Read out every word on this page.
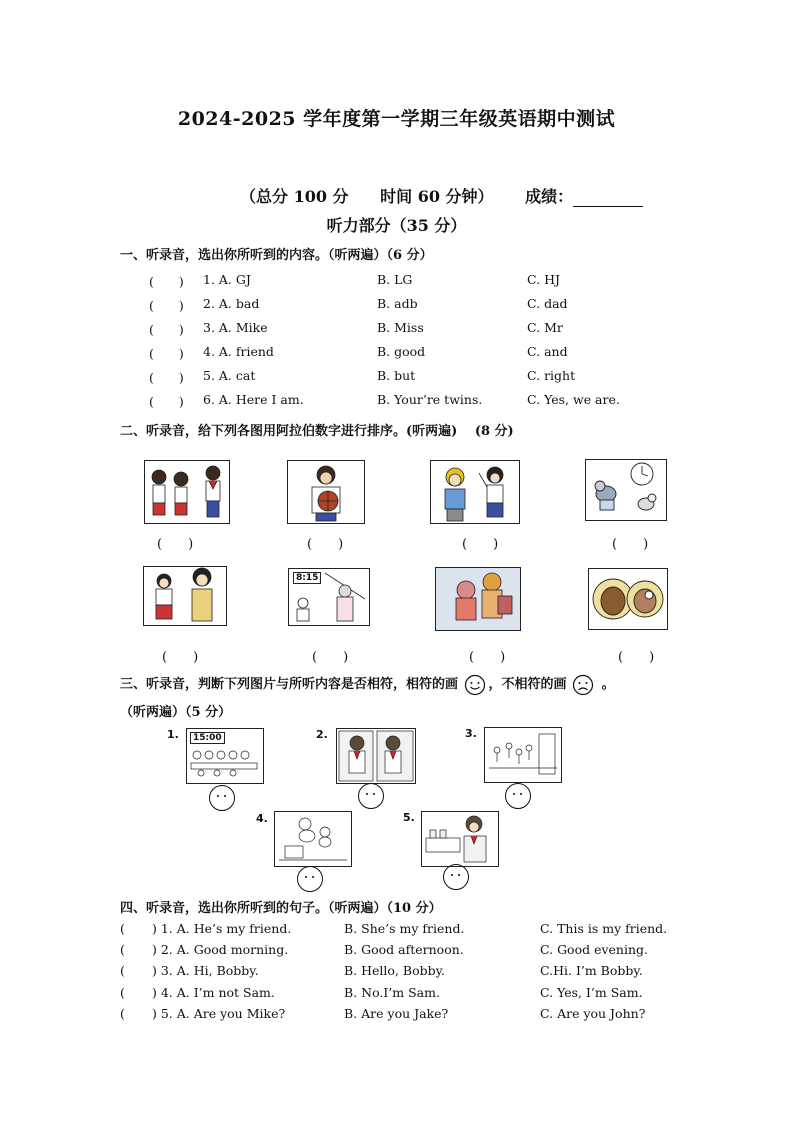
2024-2025 学年度第一学期三年级英语期中测试
（总分 100 分 时间 60 分钟） 成绩：
听力部分（35 分）
一、听录音，选出你所听到的内容。（听两遍）（6 分）
(　　) 1. A. GJ	B. LG	C. HJ
(　　) 2. A. bad	B. adb	C. dad
(　　) 3. A. Mike	B. Miss	C. Mr
(　　) 4. A. friend	B. good	C. and
(　　) 5. A. cat	B. but	C. right
(　　) 6. A. Here I am.	B. Your’re twins.	C. Yes, we are.
二、听录音，给下列各图用阿拉伯数字进行排序。(听两遍)　 (8 分)
(　　)	(　　)	(　　)	(　　)
8:15
(　　)	(　　)	(　　)	(　　)
三、听录音，判断下列图片与所听内容是否相符，相符的画 ，不相符的画	。
（听两遍）（5 分）
1.	15:00	2.	3.
4.	5.
四、听录音，选出你所听到的句子。（听两遍）（10 分）
( ) 1. A. He’s my friend.	B. She’s my friend.	C. This is my friend.
( ) 2. A. Good morning.	B. Good afternoon.	C. Good evening.
( ) 3. A. Hi, Bobby.	B. Hello, Bobby.	C.Hi. I’m Bobby.
( ) 4. A. I’m not Sam.	B. No.I’m Sam.	C. Yes, I’m Sam.
( ) 5. A. Are you Mike?	B. Are you Jake?	C. Are you John?
